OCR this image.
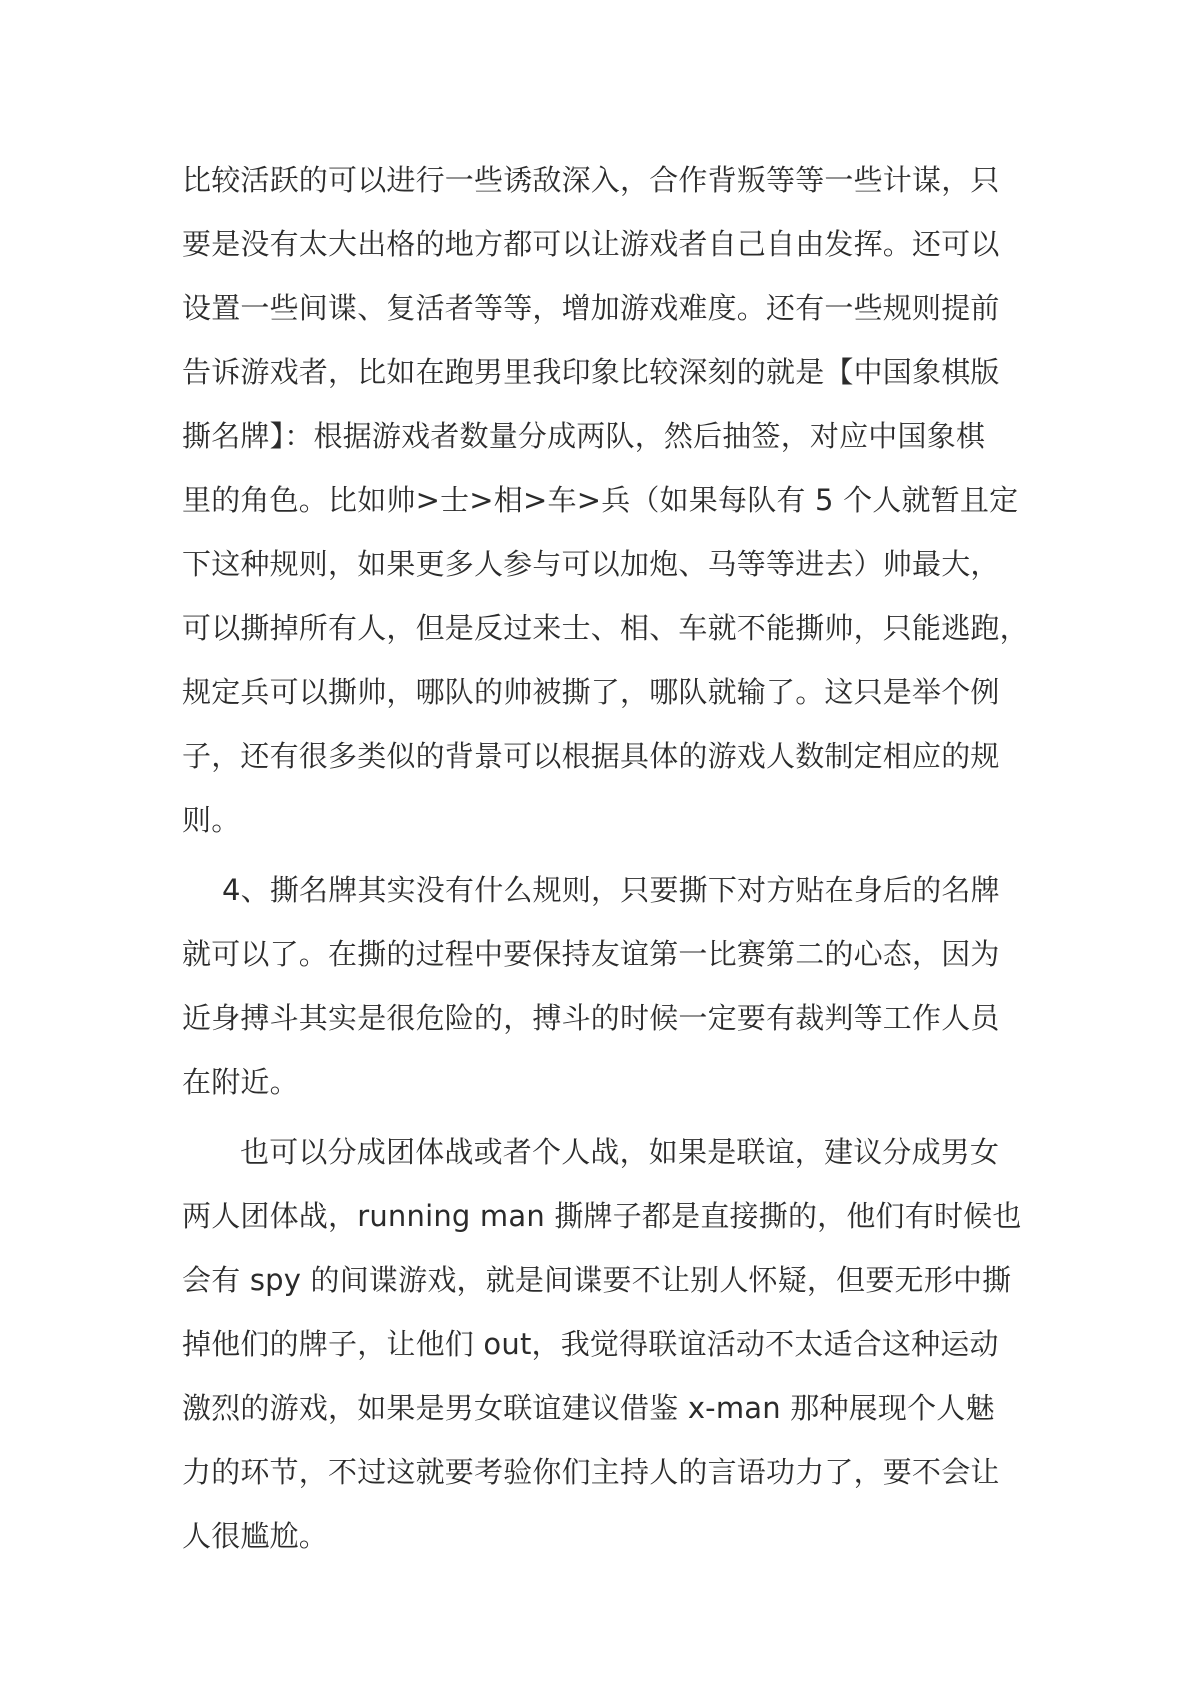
比较活跃的可以进行一些诱敌深入，合作背叛等等一些计谋，只
要是没有太大出格的地方都可以让游戏者自己自由发挥。还可以
设置一些间谍、复活者等等，增加游戏难度。还有一些规则提前
告诉游戏者，比如在跑男里我印象比较深刻的就是【中国象棋版
撕名牌】：根据游戏者数量分成两队，然后抽签，对应中国象棋
里的角色。比如帅>士>相>车>兵（如果每队有 5 个人就暂且定
下这种规则，如果更多人参与可以加炮、马等等进去）帅最大，
可以撕掉所有人，但是反过来士、相、车就不能撕帅，只能逃跑，
规定兵可以撕帅，哪队的帅被撕了，哪队就输了。这只是举个例
子，还有很多类似的背景可以根据具体的游戏人数制定相应的规
则。
4、撕名牌其实没有什么规则，只要撕下对方贴在身后的名牌
就可以了。在撕的过程中要保持友谊第一比赛第二的心态，因为
近身搏斗其实是很危险的，搏斗的时候一定要有裁判等工作人员
在附近。
也可以分成团体战或者个人战，如果是联谊，建议分成男女
两人团体战，running man 撕牌子都是直接撕的，他们有时候也
会有 spy 的间谍游戏，就是间谍要不让别人怀疑，但要无形中撕
掉他们的牌子，让他们 out，我觉得联谊活动不太适合这种运动
激烈的游戏，如果是男女联谊建议借鉴 x-man 那种展现个人魅
力的环节，不过这就要考验你们主持人的言语功力了，要不会让
人很尴尬。
